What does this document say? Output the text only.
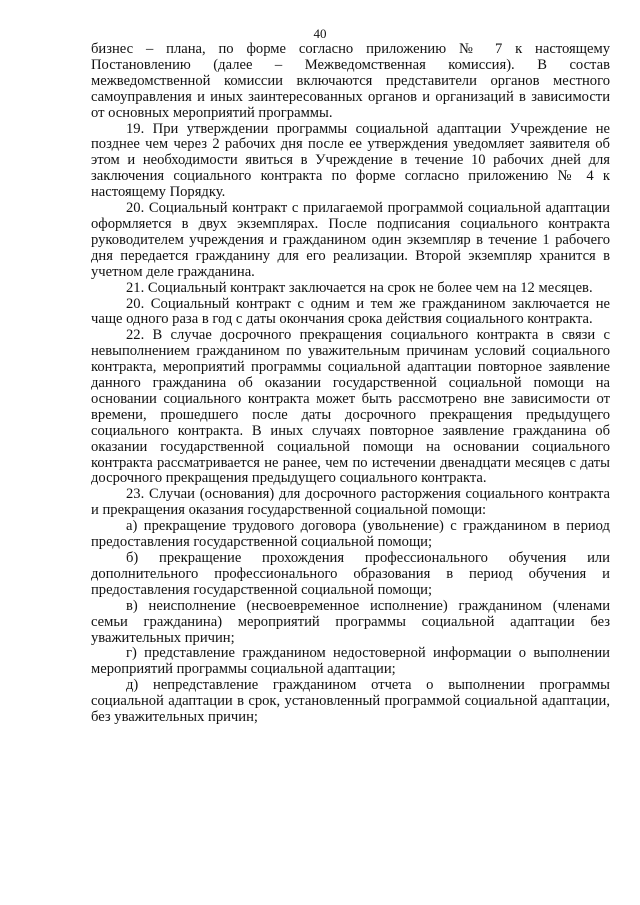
40

бизнес – плана, по форме согласно приложению № 7 к настоящему Постановлению (далее – Межведомственная комиссия). В состав межведомственной комиссии включаются представители органов местного самоуправления и иных заинтересованных органов и организаций в зависимости от основных мероприятий программы.

19. При утверждении программы социальной адаптации Учреждение не позднее чем через 2 рабочих дня после ее утверждения уведомляет заявителя об этом и необходимости явиться в Учреждение в течение 10 рабочих дней для заключения социального контракта по форме согласно приложению № 4 к настоящему Порядку.

20. Социальный контракт с прилагаемой программой социальной адаптации оформляется в двух экземплярах. После подписания социального контракта руководителем учреждения и гражданином один экземпляр в течение 1 рабочего дня передается гражданину для его реализации. Второй экземпляр хранится в учетном деле гражданина.

21. Социальный контракт заключается на срок не более чем на 12 месяцев.

20. Социальный контракт с одним и тем же гражданином заключается не чаще одного раза в год с даты окончания срока действия социального контракта.

22. В случае досрочного прекращения социального контракта в связи с невыполнением гражданином по уважительным причинам условий социального контракта, мероприятий программы социальной адаптации повторное заявление данного гражданина об оказании государственной социальной помощи на основании социального контракта может быть рассмотрено вне зависимости от времени, прошедшего после даты досрочного прекращения предыдущего социального контракта. В иных случаях повторное заявление гражданина об оказании государственной социальной помощи на основании социального контракта рассматривается не ранее, чем по истечении двенадцати месяцев с даты досрочного прекращения предыдущего социального контракта.

23. Случаи (основания) для досрочного расторжения социального контракта и прекращения оказания государственной социальной помощи:

а) прекращение трудового договора (увольнение) с гражданином в период предоставления государственной социальной помощи;

б) прекращение прохождения профессионального обучения или дополнительного профессионального образования в период обучения и предоставления государственной социальной помощи;

в) неисполнение (несвоевременное исполнение) гражданином (членами семьи гражданина) мероприятий программы социальной адаптации без уважительных причин;

г) представление гражданином недостоверной информации о выполнении мероприятий программы социальной адаптации;

д) непредставление гражданином отчета о выполнении программы социальной адаптации в срок, установленный программой социальной адаптации, без уважительных причин;
